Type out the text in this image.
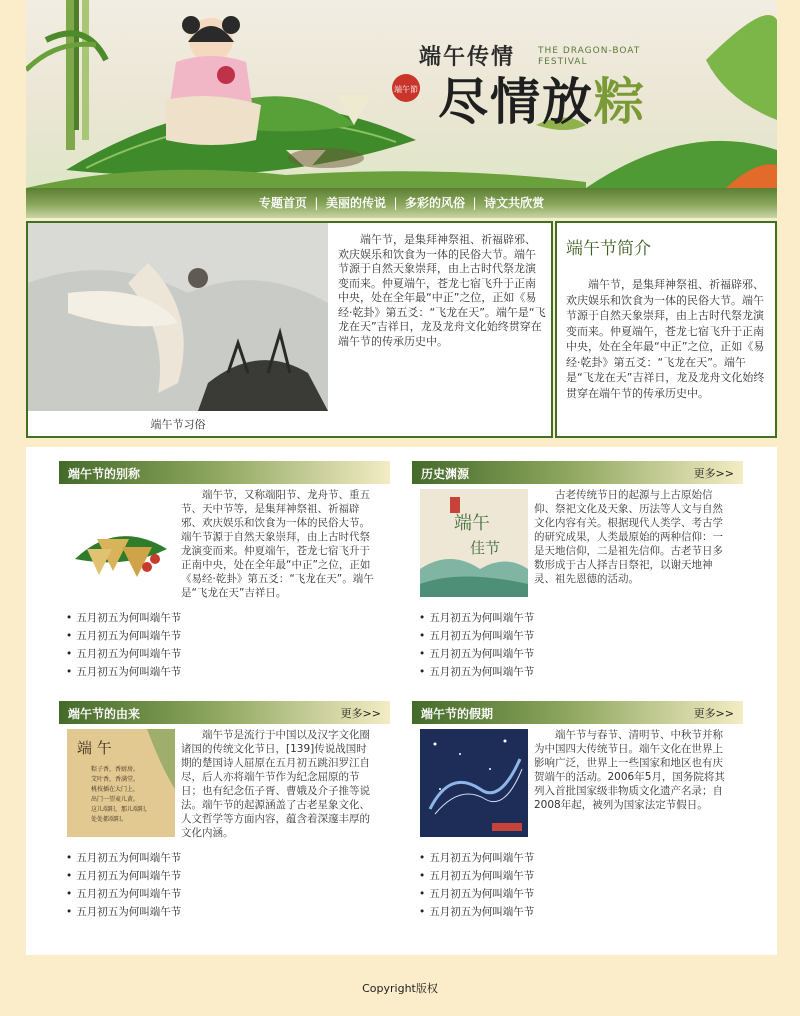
端午節
端午传情	THE DRAGON-BOAT
FESTIVAL
尽情放粽
专题首页 | 美丽的传说 | 多彩的风俗 | 诗文共欣赏
端午节习俗
端午节，是集拜神祭祖、祈福辟邪、欢庆娱乐和饮食为一体的民俗大节。端午节源于自然天象崇拜，由上古时代祭龙演变而来。仲夏端午，苍龙七宿飞升于正南中央，处在全年最“中正”之位，正如《易经·乾卦》第五爻：“飞龙在天”。端午是“飞龙在天”吉祥日，龙及龙舟文化始终贯穿在端午节的传承历史中。
端午节简介

端午节，是集拜神祭祖、祈福辟邪、欢庆娱乐和饮食为一体的民俗大节。端午节源于自然天象崇拜，由上古时代祭龙演变而来。仲夏端午，苍龙七宿飞升于正南中央，处在全年最“中正”之位，正如《易经·乾卦》第五爻：“飞龙在天”。端午是“飞龙在天”吉祥日，龙及龙舟文化始终贯穿在端午节的传承历史中。

端午节的别称
端午节，又称端阳节、龙舟节、重五节、天中节等，是集拜神祭祖、祈福辟邪、欢庆娱乐和饮食为一体的民俗大节。端午节源于自然天象崇拜，由上古时代祭龙演变而来。仲夏端午，苍龙七宿飞升于正南中央，处在全年最“中正”之位，正如《易经·乾卦》第五爻：“飞龙在天”。端午是“飞龙在天”吉祥日。
• 五月初五为何叫端午节
• 五月初五为何叫端午节
• 五月初五为何叫端午节
• 五月初五为何叫端午节
历史渊源	更多>>
端午
佳节
古老传统节日的起源与上古原始信仰、祭祀文化及天象、历法等人文与自然文化内容有关。根据现代人类学、考古学的研究成果，人类最原始的两种信仰：一是天地信仰，二是祖先信仰。古老节日多数形成于古人择吉日祭祀，以谢天地神灵、祖先恩德的活动。
• 五月初五为何叫端午节
• 五月初五为何叫端午节
• 五月初五为何叫端午节
• 五月初五为何叫端午节
端午节的由来	更多>>
端 午
粽子香，香厨房。
艾叶香，香满堂。
桃枝插在大门上，
出门一望麦儿黄。
这儿端阳，那儿端阳，
处处都端阳。
端午节是流行于中国以及汉字文化圈诸国的传统文化节日，[139]传说战国时期的楚国诗人屈原在五月初五跳汨罗江自尽，后人亦将端午节作为纪念屈原的节日；也有纪念伍子胥、曹娥及介子推等说法。端午节的起源涵盖了古老星象文化、人文哲学等方面内容，蕴含着深邃丰厚的文化内涵。
• 五月初五为何叫端午节
• 五月初五为何叫端午节
• 五月初五为何叫端午节
• 五月初五为何叫端午节
端午节的假期	更多>>
端午节与春节、清明节、中秋节并称为中国四大传统节日。端午文化在世界上影响广泛，世界上一些国家和地区也有庆贺端午的活动。2006年5月，国务院将其列入首批国家级非物质文化遗产名录；自2008年起，被列为国家法定节假日。
• 五月初五为何叫端午节
• 五月初五为何叫端午节
• 五月初五为何叫端午节
• 五月初五为何叫端午节
Copyright版权
